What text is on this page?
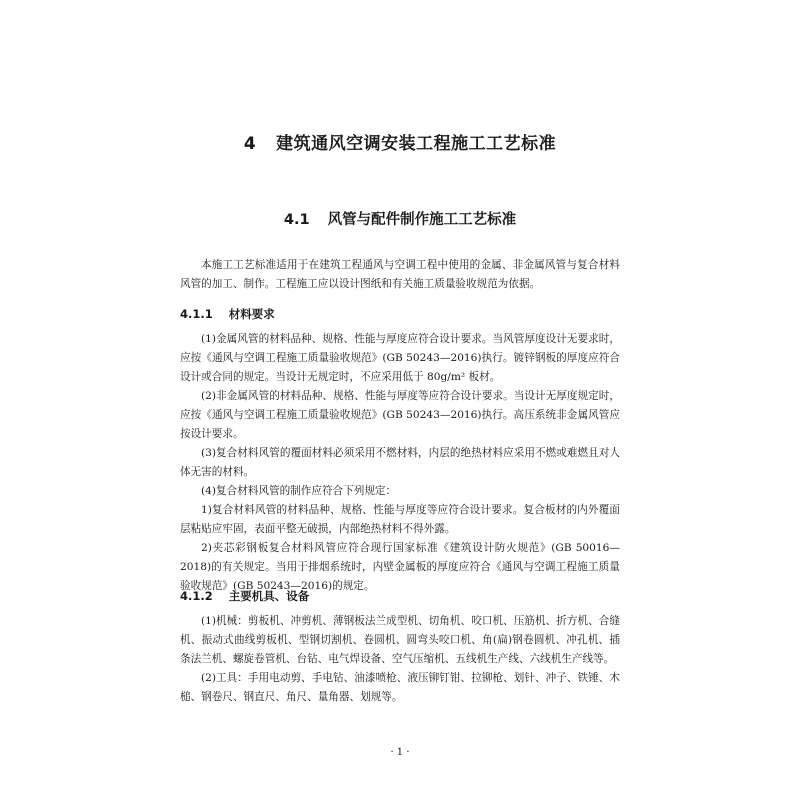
4 建筑通风空调安装工程施工工艺标准
4.1 风管与配件制作施工工艺标准

本施工工艺标准适用于在建筑工程通风与空调工程中使用的金属、非金属风管与复合材料风管的加工、制作。工程施工应以设计图纸和有关施工质量验收规范为依据。

4.1.1 材料要求

(1)金属风管的材料品种、规格、性能与厚度应符合设计要求。当风管厚度设计无要求时，应按《通风与空调工程施工质量验收规范》(GB 50243—2016)执行。镀锌钢板的厚度应符合设计或合同的规定。当设计无规定时，不应采用低于 80g/m² 板材。

(2)非金属风管的材料品种、规格、性能与厚度等应符合设计要求。当设计无厚度规定时，应按《通风与空调工程施工质量验收规范》(GB 50243—2016)执行。高压系统非金属风管应按设计要求。

(3)复合材料风管的覆面材料必须采用不燃材料，内层的绝热材料应采用不燃或难燃且对人体无害的材料。

(4)复合材料风管的制作应符合下列规定：

1)复合材料风管的材料品种、规格、性能与厚度等应符合设计要求。复合板材的内外覆面层粘贴应牢固，表面平整无破损，内部绝热材料不得外露。

2)夹芯彩钢板复合材料风管应符合现行国家标准《建筑设计防火规范》(GB 50016—2018)的有关规定。当用于排烟系统时，内壁金属板的厚度应符合《通风与空调工程施工质量验收规范》(GB 50243—2016)的规定。

4.1.2 主要机具、设备

(1)机械：剪板机、冲剪机、薄钢板法兰成型机、切角机、咬口机、压筋机、折方机、合缝机、振动式曲线剪板机、型钢切割机、卷圆机、圆弯头咬口机、角(扁)钢卷圆机、冲孔机、插条法兰机、螺旋卷管机、台钻、电气焊设备、空气压缩机、五线机生产线、六线机生产线等。

(2)工具：手用电动剪、手电钻、油漆喷枪、液压铆钉钳、拉铆枪、划针、冲子、铁锤、木槌、钢卷尺、钢直尺、角尺、量角器、划规等。

· 1 ·
